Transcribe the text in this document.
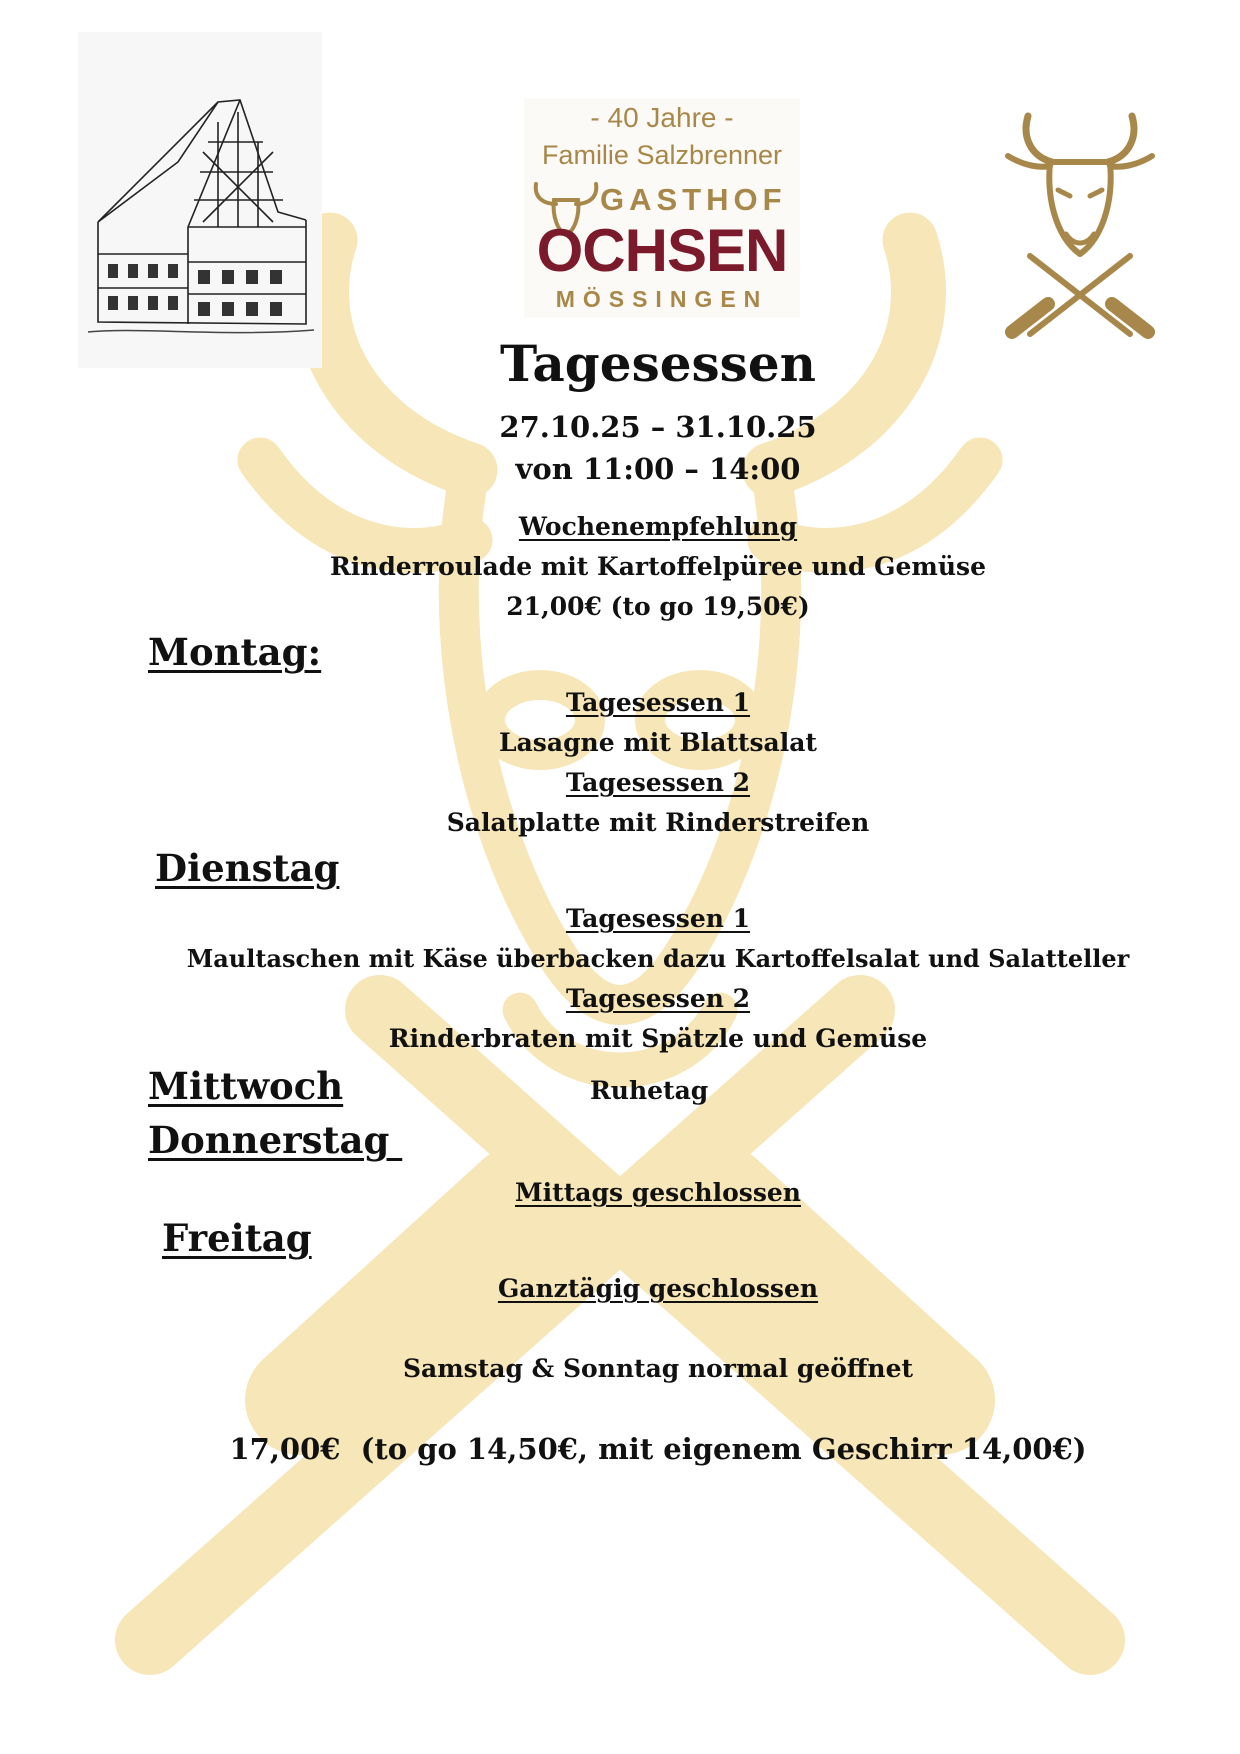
- 40 Jahre -
Familie Salzbrenner
GASTHOF
OCHSEN
MÖSSINGEN
Tagesessen
27.10.25 – 31.10.25
von 11:00 – 14:00
Wochenempfehlung
Rinderroulade mit Kartoffelpüree und Gemüse
21,00€ (to go 19,50€)
Montag:
Tagesessen 1
Lasagne mit Blattsalat
Tagesessen 2
Salatplatte mit Rinderstreifen
Dienstag
Tagesessen 1
Maultaschen mit Käse überbacken dazu Kartoffelsalat und Salatteller
Tagesessen 2
Rinderbraten mit Spätzle und Gemüse
Mittwoch	Ruhetag
Donnerstag
Mittags geschlossen
Freitag
Ganztägig geschlossen
Samstag & Sonntag normal geöffnet
17,00€  (to go 14,50€, mit eigenem Geschirr 14,00€)
